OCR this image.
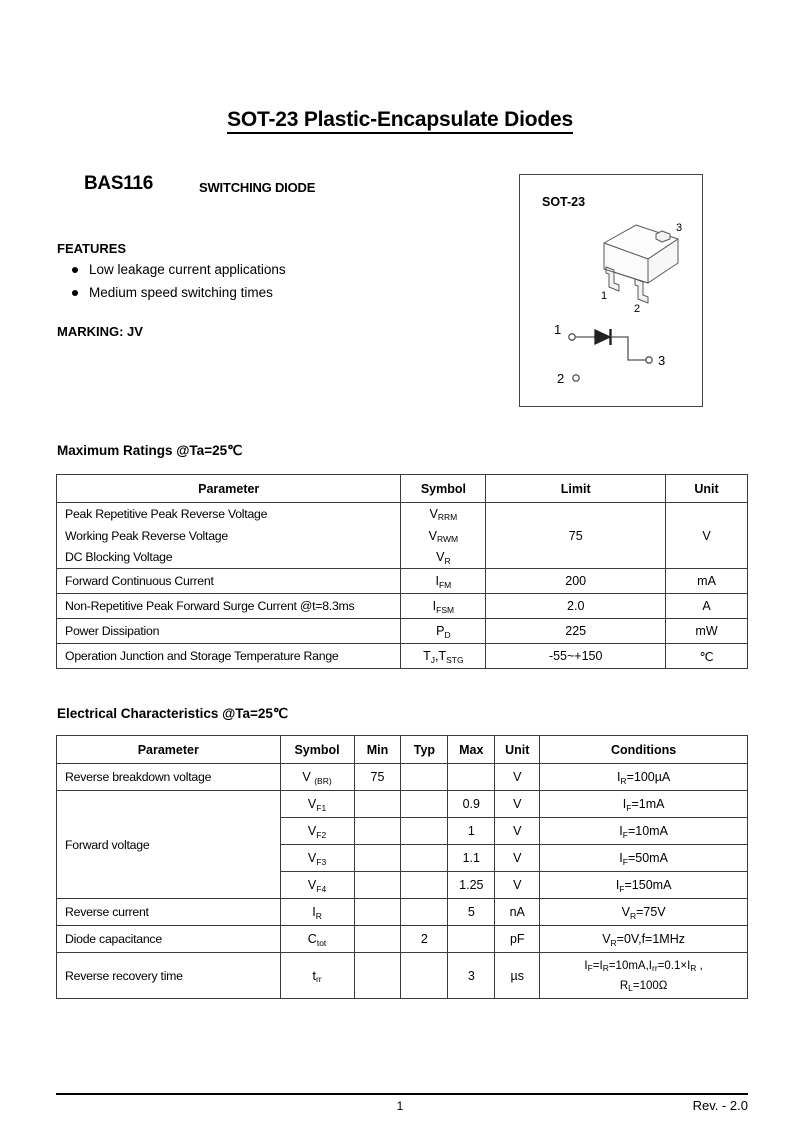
SOT-23 Plastic-Encapsulate Diodes
BAS116	SWITCHING DIODE
FEATURES
Low leakage current applications
Medium speed switching times
MARKING: JV
SOT-23
3
1
2
1
3
2
Maximum Ratings @Ta=25℃
Parameter	Symbol	Limit	Unit
Peak Repetitive Peak Reverse Voltage	$V_{RRM}$	75	V
Working Peak Reverse Voltage	$V_{RWM}$
DC Blocking Voltage	$V_R$
Forward Continuous Current	$I_{FM}$	200	mA
Non-Repetitive Peak Forward Surge Current @t=8.3ms	$I_{FSM}$	2.0	A
Power Dissipation	$P_D$	225	mW
Operation Junction and Storage Temperature Range	$T_J,T_{STG}$	-55~+150	℃
Electrical Characteristics @Ta=25℃
Parameter	Symbol	Min	Typ	Max	Unit	Conditions
Reverse breakdown voltage	V $_{(BR)}$	75			V	$I_R=100\mu A$
Forward voltage	$V_{F1}$			0.9	V	$I_F=1mA$
	$V_{F2}$			1	V	$I_F=10mA$
	$V_{F3}$			1.1	V	$I_F=50mA$
	$V_{F4}$			1.25	V	$I_F=150mA$
Reverse current	$I_R$			5	nA	$V_R=75V$
Diode capacitance	$C_{tot}$		2		pF	$V_R=0V,f=1MHz$
Reverse recovery time	$t_{rr}$			3	µs	$I_F=I_R=10mA,I_{rr}=0.1\times I_R$ ,
$R_L=100\Omega$
1	Rev. - 2.0
